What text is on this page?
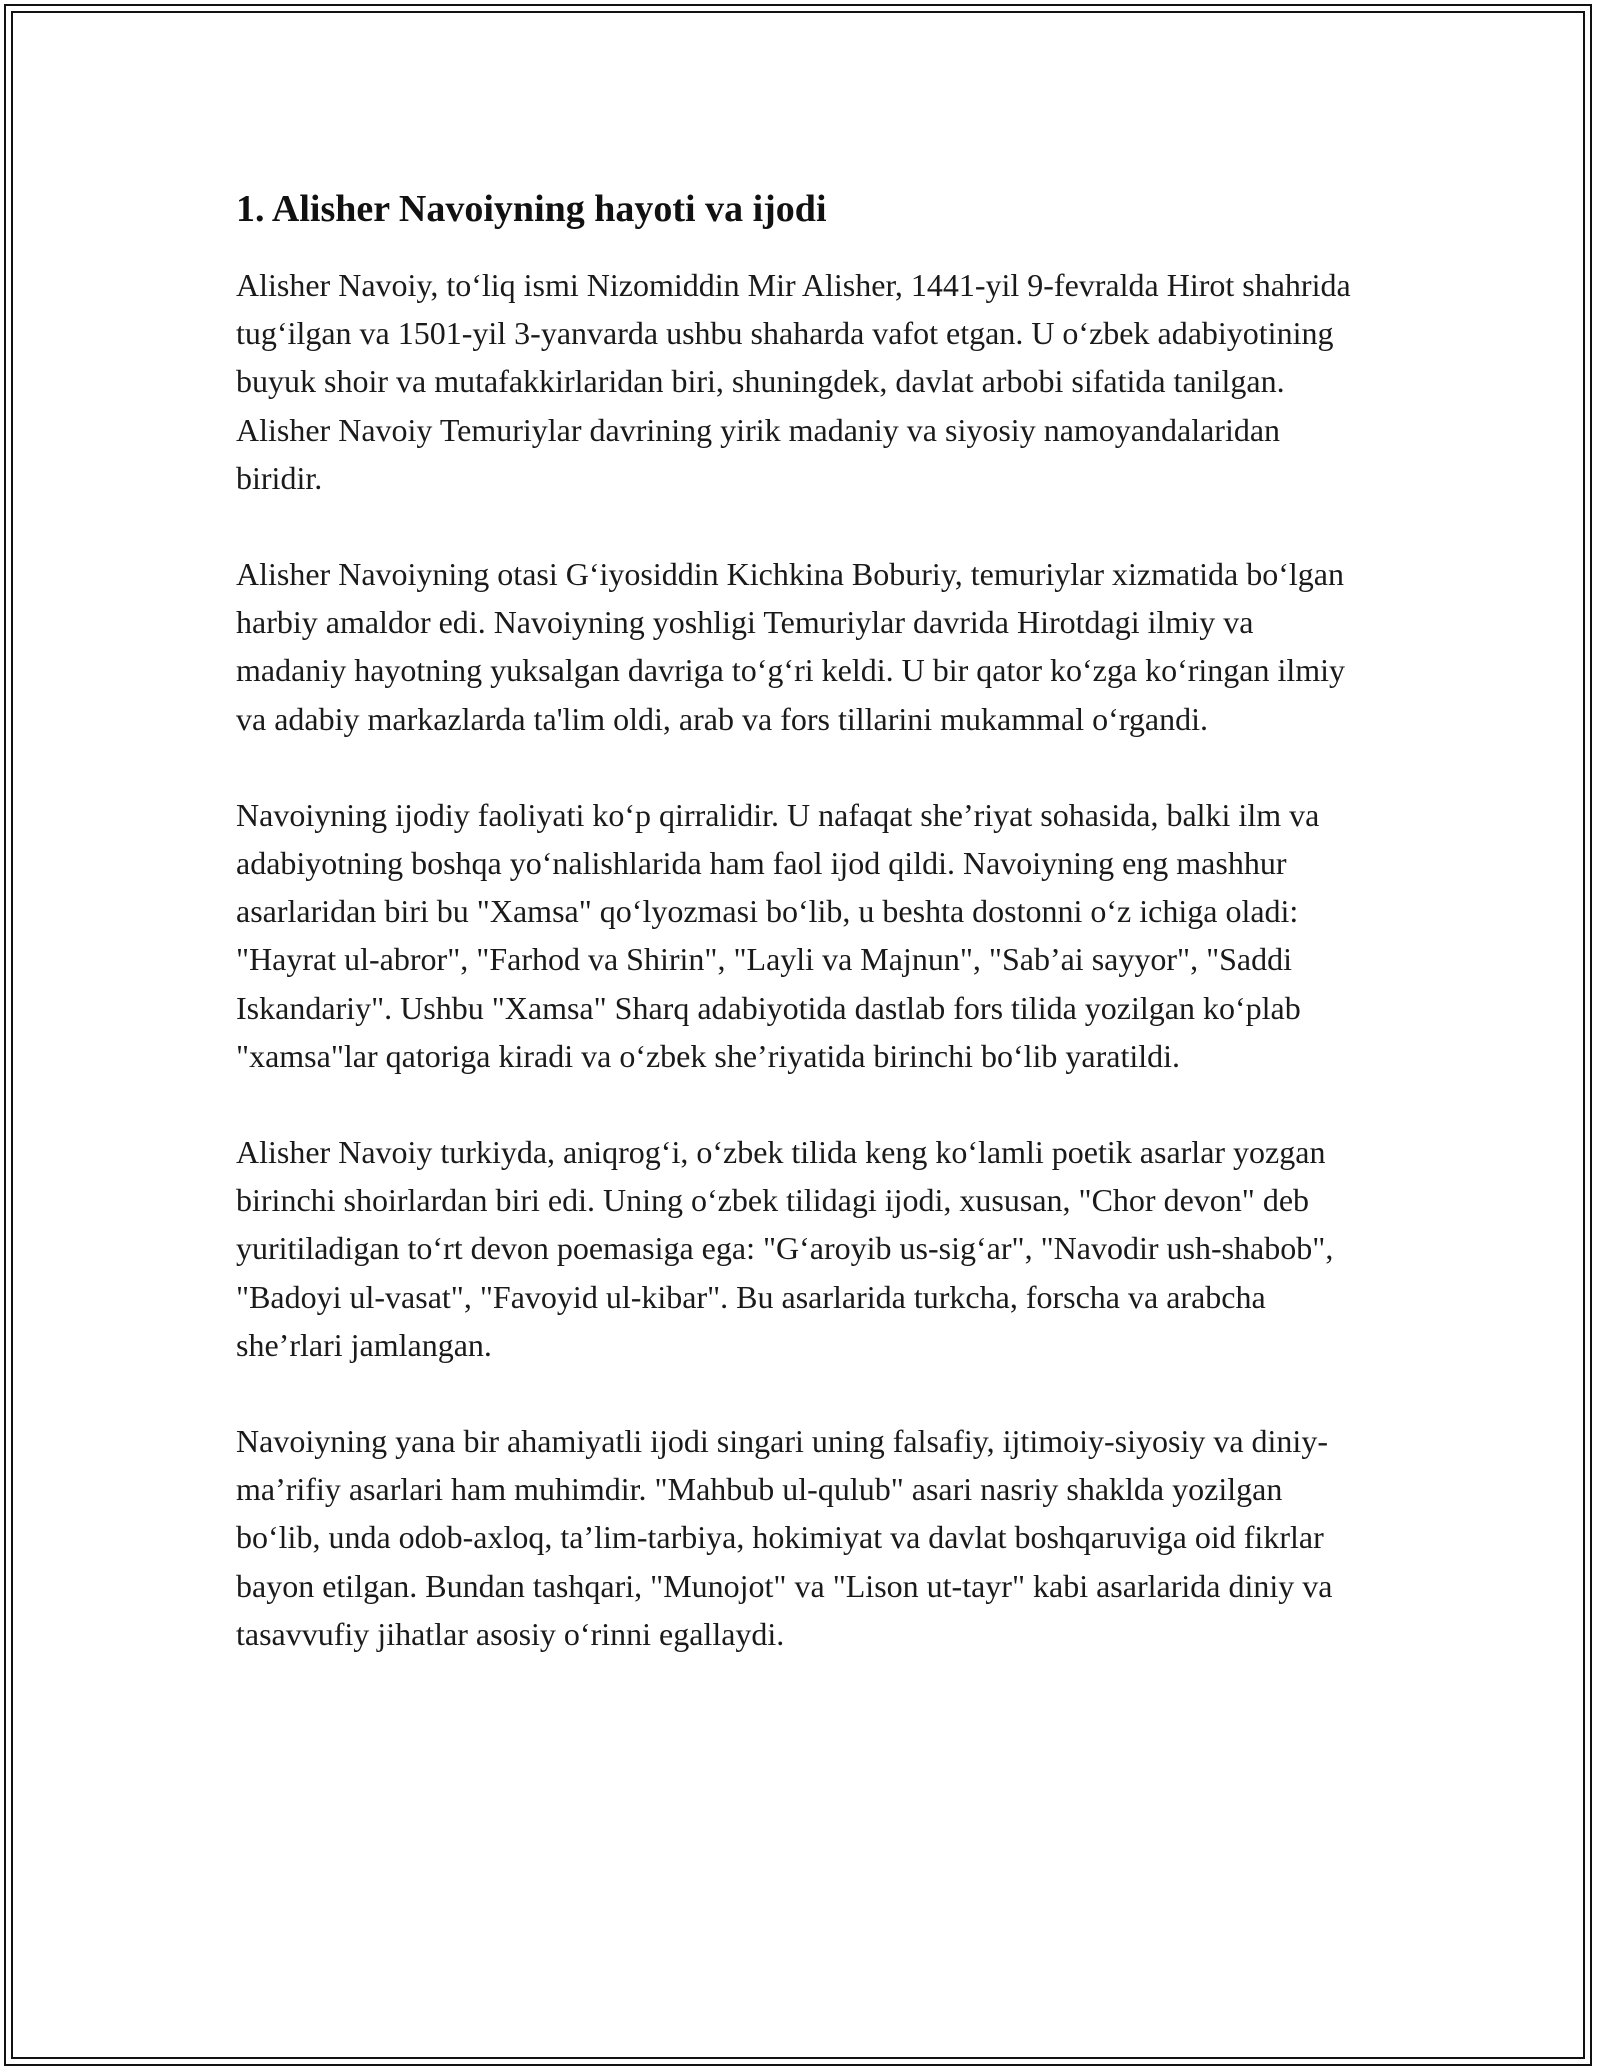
1. Alisher Navoiyning hayoti va ijodi

Alisher Navoiy, toʻliq ismi Nizomiddin Mir Alisher, 1441-yil 9-fevralda Hirot shahrida tugʻilgan va 1501-yil 3-yanvarda ushbu shaharda vafot etgan. U oʻzbek adabiyotining buyuk shoir va mutafakkirlaridan biri, shuningdek, davlat arbobi sifatida tanilgan. Alisher Navoiy Temuriylar davrining yirik madaniy va siyosiy namoyandalaridan biridir.

Alisher Navoiyning otasi Gʻiyosiddin Kichkina Boburiy, temuriylar xizmatida boʻlgan harbiy amaldor edi. Navoiyning yoshligi Temuriylar davrida Hirotdagi ilmiy va madaniy hayotning yuksalgan davriga toʻgʻri keldi. U bir qator koʻzga koʻringan ilmiy va adabiy markazlarda ta'lim oldi, arab va fors tillarini mukammal oʻrgandi.

Navoiyning ijodiy faoliyati koʻp qirralidir. U nafaqat she’riyat sohasida, balki ilm va adabiyotning boshqa yoʻnalishlarida ham faol ijod qildi. Navoiyning eng mashhur asarlaridan biri bu "Xamsa" qoʻlyozmasi boʻlib, u beshta dostonni oʻz ichiga oladi: "Hayrat ul-abror", "Farhod va Shirin", "Layli va Majnun", "Sab’ai sayyor", "Saddi Iskandariy". Ushbu "Xamsa" Sharq adabiyotida dastlab fors tilida yozilgan koʻplab "xamsa"lar qatoriga kiradi va oʻzbek she’riyatida birinchi boʻlib yaratildi.

Alisher Navoiy turkiyda, aniqrogʻi, oʻzbek tilida keng koʻlamli poetik asarlar yozgan birinchi shoirlardan biri edi. Uning oʻzbek tilidagi ijodi, xususan, "Chor devon" deb yuritiladigan toʻrt devon poemasiga ega: "Gʻaroyib us-sigʻar", "Navodir ush-shabob", "Badoyi ul-vasat", "Favoyid ul-kibar". Bu asarlarida turkcha, forscha va arabcha she’rlari jamlangan.

Navoiyning yana bir ahamiyatli ijodi singari uning falsafiy, ijtimoiy-siyosiy va diniy-ma’rifiy asarlari ham muhimdir. "Mahbub ul-qulub" asari nasriy shaklda yozilgan boʻlib, unda odob-axloq, ta’lim-tarbiya, hokimiyat va davlat boshqaruviga oid fikrlar bayon etilgan. Bundan tashqari, "Munojot" va "Lison ut-tayr" kabi asarlarida diniy va tasavvufiy jihatlar asosiy oʻrinni egallaydi.
